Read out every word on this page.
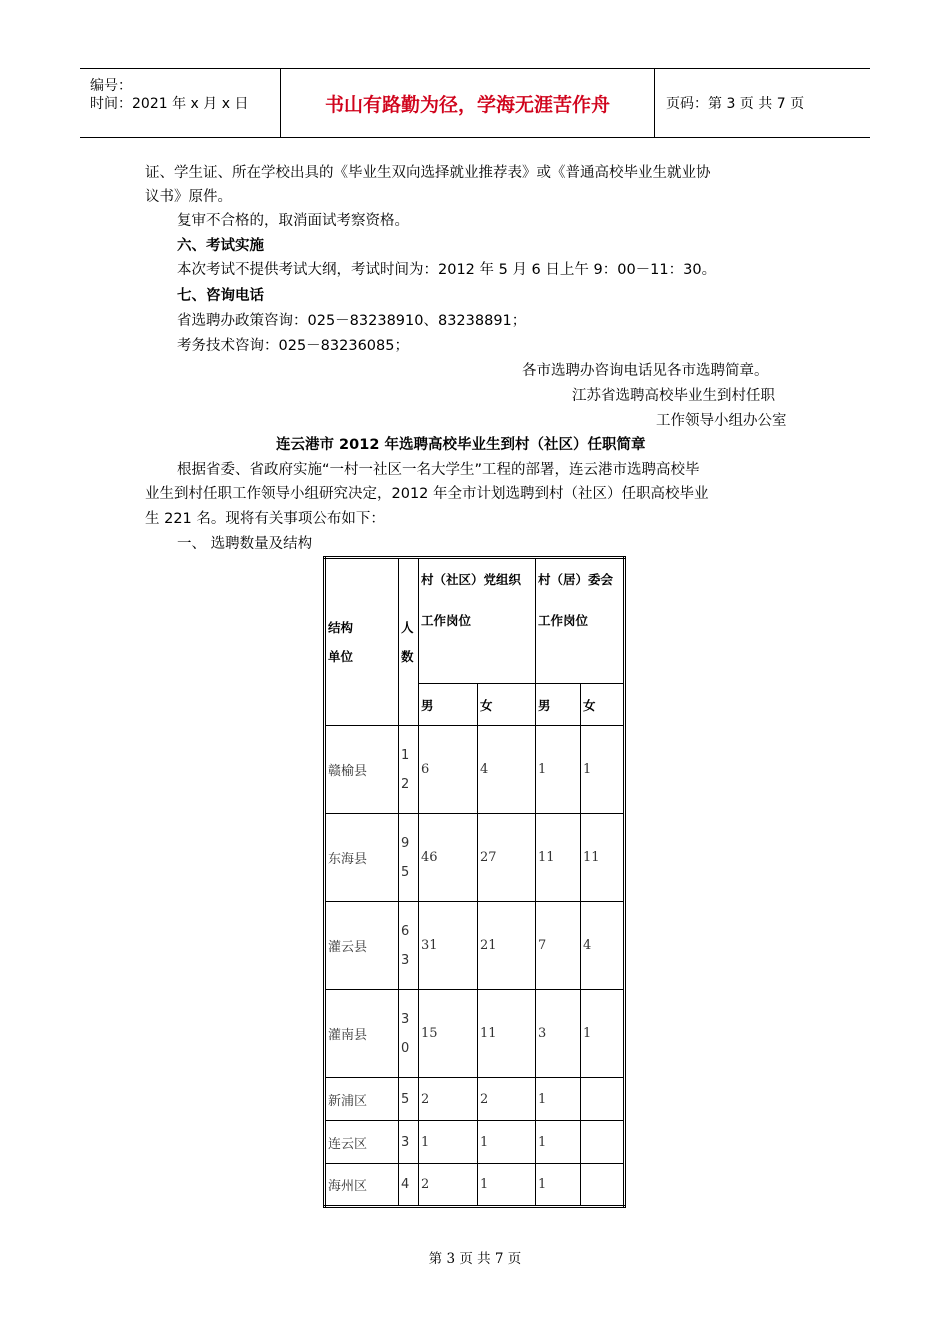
编号：
时间：2021 年 x 月 x 日	书山有路勤为径，学海无涯苦作舟	页码：第 3 页 共 7 页
证、学生证、所在学校出具的《毕业生双向选择就业推荐表》或《普通高校毕业生就业协
议书》原件。
复审不合格的，取消面试考察资格。
六、考试实施
本次考试不提供考试大纲，考试时间为：2012 年 5 月 6 日上午 9：00－11：30。
七、咨询电话
省选聘办政策咨询：025－83238910、83238891；
考务技术咨询：025－83236085；
各市选聘办咨询电话见各市选聘简章。
江苏省选聘高校毕业生到村任职
工作领导小组办公室
连云港市 2012 年选聘高校毕业生到村（社区）任职简章
根据省委、省政府实施“一村一社区一名大学生”工程的部署，连云港市选聘高校毕
业生到村任职工作领导小组研究决定，2012 年全市计划选聘到村（社区）任职高校毕业
生 221 名。现将有关事项公布如下：
一、 选聘数量及结构
结构
单位	人数	村（社区）党组织工作岗位		村（居）委会工作岗位	
		男	女	男	女
赣榆县	12	6	4	1	1
东海县	95	46	27	11	11
灌云县	63	31	21	7	4
灌南县	30	15	11	3	1
新浦区	5	2	2	1	
连云区	3	1	1	1	
海州区	4	2	1	1	
第 3 页 共 7 页
